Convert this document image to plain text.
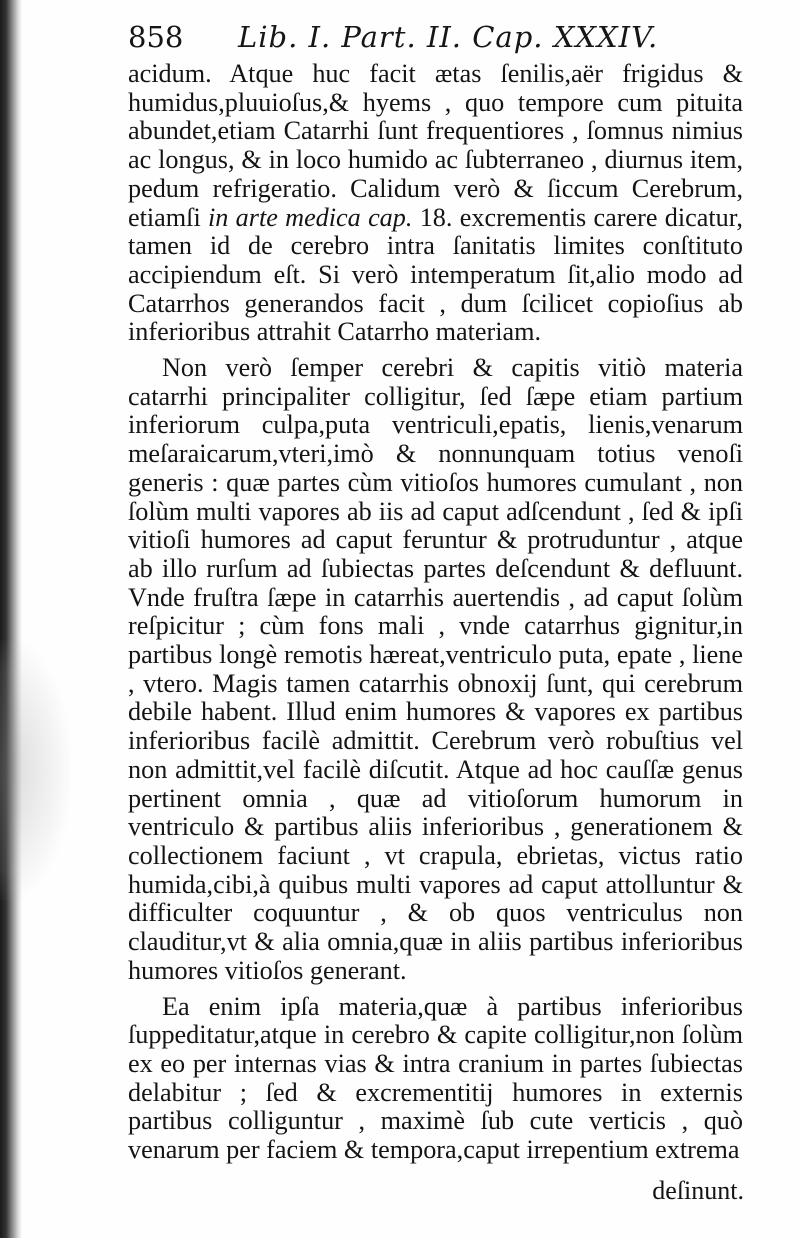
858 Lib. I. Part. II. Cap. XXXIV.

acidum. Atque huc facit ætas ſenilis,aër frigidus & humidus,pluuioſus,& hyems , quo tempore cum pituita abundet,etiam Catarrhi ſunt frequentiores , ſomnus nimius ac longus, & in loco humido ac ſubterraneo , diurnus item, pedum refrigeratio. Calidum verò & ſiccum Cerebrum, etiamſi in arte medica cap. 18. excrementis carere dicatur, tamen id de cerebro intra ſanitatis limites conſtituto accipiendum eſt. Si verò intemperatum ſit,alio modo ad Catarrhos generandos facit , dum ſcilicet copioſius ab inferioribus attrahit Catarrho materiam.

Non verò ſemper cerebri & capitis vitiò materia catarrhi principaliter colligitur, ſed ſæpe etiam partium inferiorum culpa,puta ventriculi,epatis, lienis,venarum meſaraicarum,vteri,imò & nonnunquam totius venoſi generis : quæ partes cùm vitioſos humores cumulant , non ſolùm multi vapores ab iis ad caput adſcendunt , ſed & ipſi vitioſi humores ad caput feruntur & protruduntur , atque ab illo rurſum ad ſubiectas partes deſcendunt & defluunt. Vnde fruſtra ſæpe in catarrhis auertendis , ad caput ſolùm reſpicitur ; cùm fons mali , vnde catarrhus gignitur,in partibus longè remotis hæreat,ventriculo puta, epate , liene , vtero. Magis tamen catarrhis obnoxij ſunt, qui cerebrum debile habent. Illud enim humores & vapores ex partibus inferioribus facilè admittit. Cerebrum verò robuſtius vel non admittit,vel facilè diſcutit. Atque ad hoc cauſſæ genus pertinent omnia , quæ ad vitioſorum humorum in ventriculo & partibus aliis inferioribus , generationem & collectionem faciunt , vt crapula, ebrietas, victus ratio humida,cibi,à quibus multi vapores ad caput attolluntur & difficulter coquuntur , & ob quos ventriculus non clauditur,vt & alia omnia,quæ in aliis partibus inferioribus humores vitioſos generant.

Ea enim ipſa materia,quæ à partibus inferioribus ſuppeditatur,atque in cerebro & capite colligitur,non ſolùm ex eo per internas vias & intra cranium in partes ſubiectas delabitur ; ſed & excrementitij humores in externis partibus colliguntur , maximè ſub cute verticis , quò venarum per faciem & tempora,caput irrepentium extrema

deſinunt.
